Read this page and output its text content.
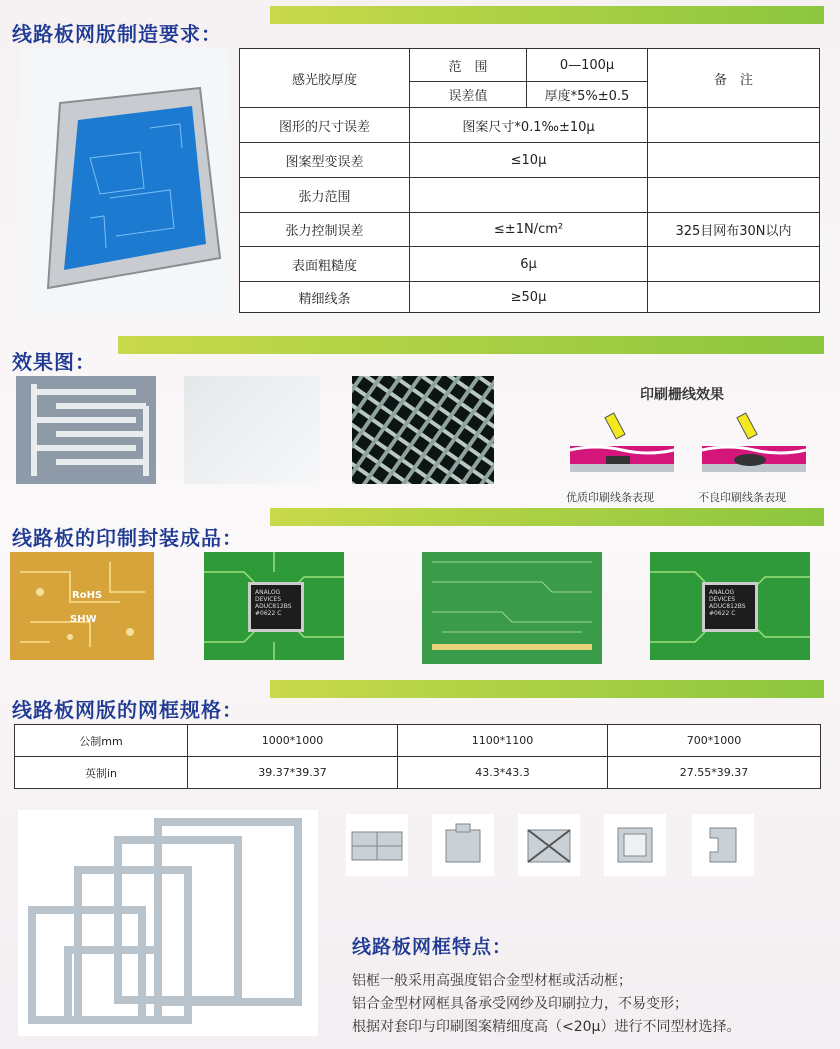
线路板网版制造要求：
感光胶厚度	范　围	0—100μ	备　注
	误差值	厚度*5%±0.5	
图形的尺寸误差	图案尺寸*0.1‰±10μ		
图案型变误差	≤10μ		
张力范围			
张力控制误差	≤±1N/cm²		325目网布30N以内
表面粗糙度	6μ		
精细线条	≥50μ		
效果图：
印刷栅线效果
优质印刷线条表现	不良印刷线条表现
线路板的印制封装成品：
RoHS
SHW
ANALOG DEVICES ADUC812BS #0622 C
ANALOG DEVICES ADUC812BS #0622 C
线路板网版的网框规格：
公制mm	1000*1000	1100*1100	700*1000
英制in	39.37*39.37	43.3*43.3	27.55*39.37
线路板网框特点：
铝框一般采用高强度铝合金型材框或活动框；
铝合金型材网框具备承受网纱及印刷拉力，不易变形；
根据对套印与印刷图案精细度高（<20μ）进行不同型材选择。
